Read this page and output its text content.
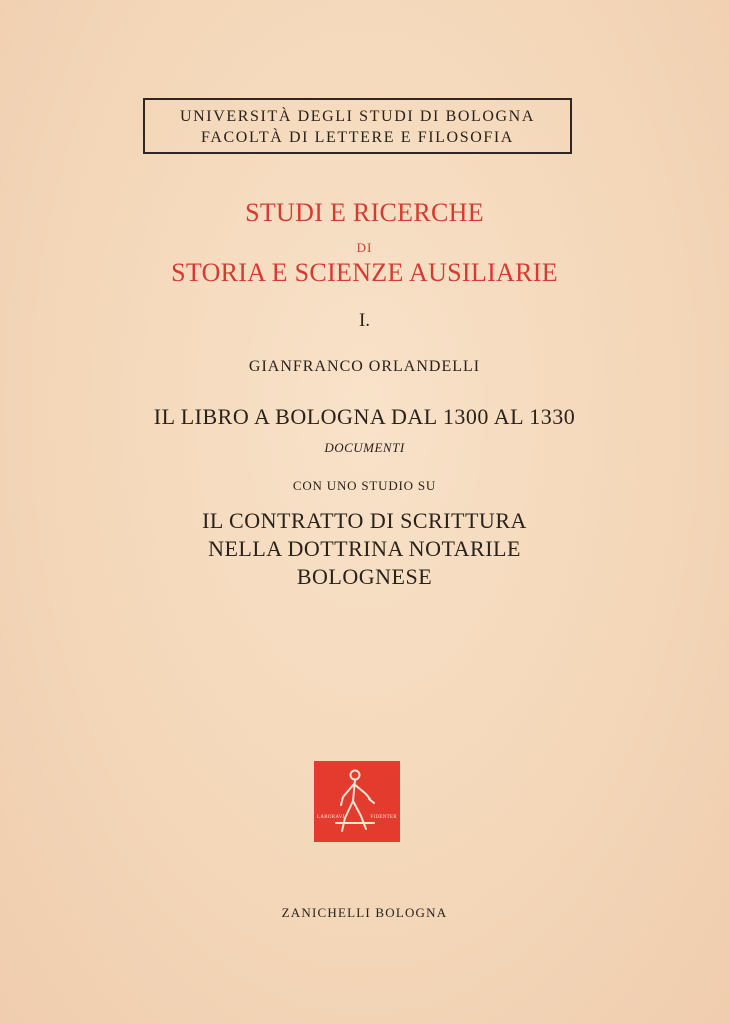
UNIVERSITÀ DEGLI STUDI DI BOLOGNA
FACOLTÀ DI LETTERE E FILOSOFIA
STUDI E RICERCHE
DI
STORIA E SCIENZE AUSILIARIE
I.
GIANFRANCO ORLANDELLI
IL LIBRO A BOLOGNA DAL 1300 AL 1330
DOCUMENTI
CON UNO STUDIO SU
IL CONTRATTO DI SCRITTURA
NELLA DOTTRINA NOTARILE
BOLOGNESE
LABORAVI	FIDENTER
ZANICHELLI BOLOGNA
